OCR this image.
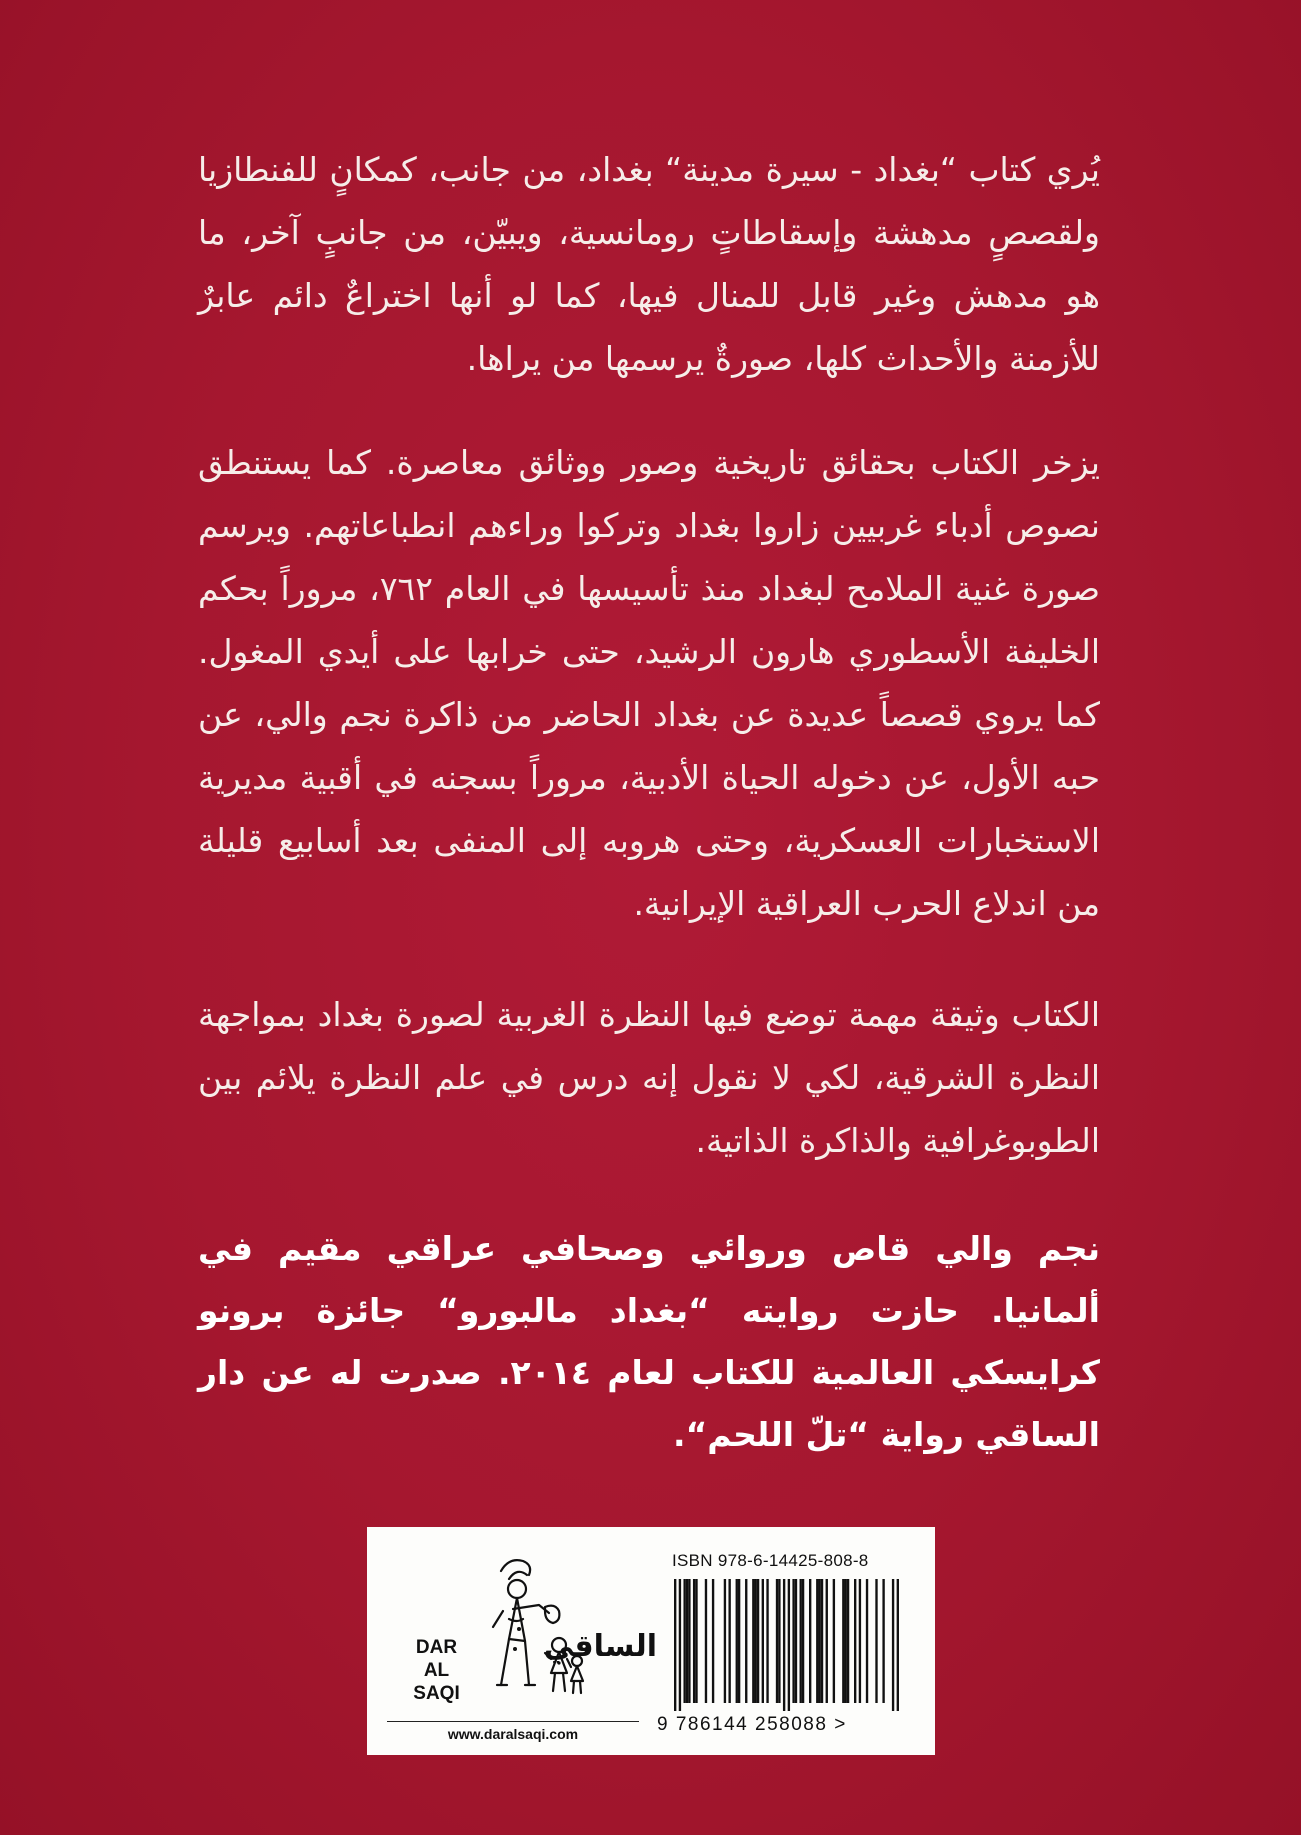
يُري كتاب “بغداد - سيرة مدينة“ بغداد، من جانب، كمكانٍ للفنطازيا ولقصصٍ مدهشة وإسقاطاتٍ رومانسية، ويبيّن، من جانبٍ آخر، ما هو مدهش وغير قابل للمنال فيها، كما لو أنها اختراعٌ دائم عابرٌ للأزمنة والأحداث كلها، صورةٌ يرسمها من يراها.
يزخر الكتاب بحقائق تاريخية وصور ووثائق معاصرة. كما يستنطق نصوص أدباء غربيين زاروا بغداد وتركوا وراءهم انطباعاتهم. ويرسم صورة غنية الملامح لبغداد منذ تأسيسها في العام ٧٦٢، مروراً بحكم الخليفة الأسطوري هارون الرشيد، حتى خرابها على أيدي المغول. كما يروي قصصاً عديدة عن بغداد الحاضر من ذاكرة نجم والي، عن حبه الأول، عن دخوله الحياة الأدبية، مروراً بسجنه في أقبية مديرية الاستخبارات العسكرية، وحتى هروبه إلى المنفى بعد أسابيع قليلة من اندلاع الحرب العراقية الإيرانية.
الكتاب وثيقة مهمة توضع فيها النظرة الغربية لصورة بغداد بمواجهة النظرة الشرقية، لكي لا نقول إنه درس في علم النظرة يلائم بين الطوبوغرافية والذاكرة الذاتية.
نجم والي قاص وروائي وصحافي عراقي مقيم في ألمانيا. حازت روايته “بغداد مالبورو“ جائزة برونو كرايسكي العالمية للكتاب لعام ٢٠١٤. صدرت له عن دار الساقي رواية “تلّ اللحم“.
DAR
AL SAQI
الساقي
www.daralsaqi.com
ISBN 978-6-14425-808-8
9 786144 258088 >
